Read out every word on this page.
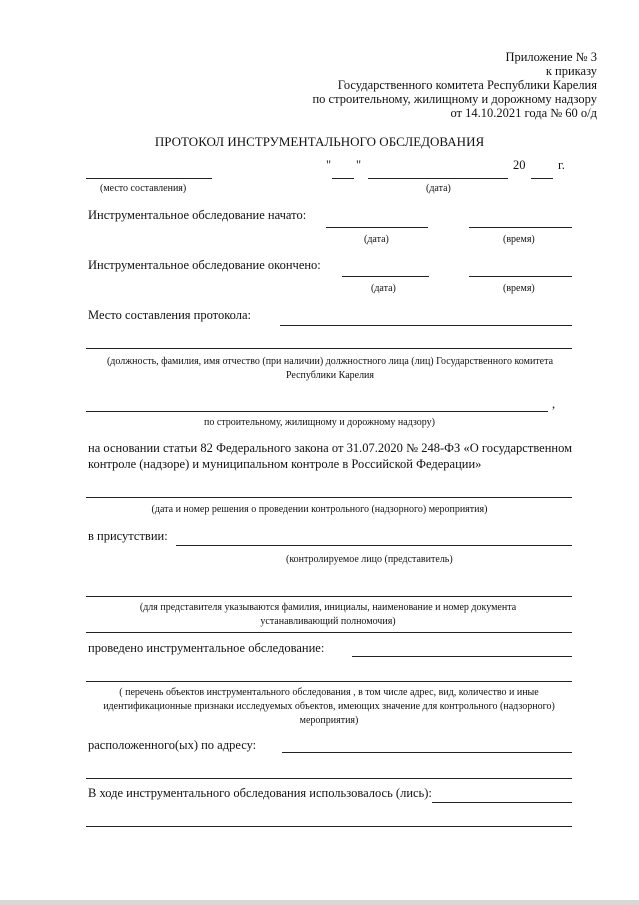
Приложение № 3
к приказу
Государственного комитета Республики Карелия
по строительному, жилищному и дорожному надзору
от 14.10.2021 года № 60 о/д
ПРОТОКОЛ ИНСТРУМЕНТАЛЬНОГО ОБСЛЕДОВАНИЯ
" "	20	г.
(место составления)	(дата)
Инструментальное обследование начато:
(дата)	(время)
Инструментальное обследование окончено:
(дата)	(время)
Место составления протокола:
(должность, фамилия, имя отчество (при наличии) должностного лица (лиц) Государственного комитета Республики Карелия
,
по строительному, жилищному и дорожному надзору)
на основании статьи 82 Федерального закона от 31.07.2020 № 248-ФЗ «О государственном контроле (надзоре) и муниципальном контроле в Российской Федерации»
(дата и номер решения о проведении контрольного (надзорного) мероприятия)
в присутствии:
(контролируемое лицо (представитель)
(для представителя указываются фамилия, инициалы, наименование и номер документа устанавливающий полномочия)
проведено инструментальное обследование:
( перечень объектов инструментального обследования , в том числе адрес, вид, количество и иные идентификационные признаки исследуемых объектов, имеющих значение для контрольного (надзорного) мероприятия)
расположенного(ых) по адресу:
В ходе инструментального обследования использовалось (лись):
